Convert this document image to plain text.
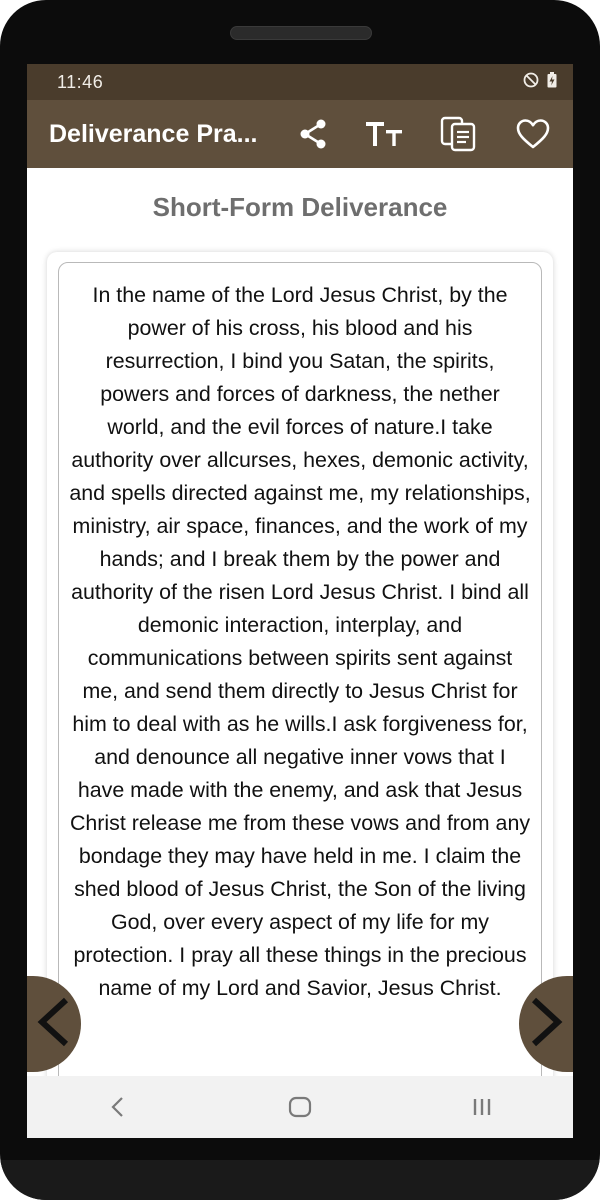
11:46
Deliverance Pra...
Short-Form Deliverance

In the name of the Lord Jesus Christ, by the power of his cross, his blood and his resurrection, I bind you Satan, the spirits, powers and forces of darkness, the nether world, and the evil forces of nature.I take authority over allcurses, hexes, demonic activity, and spells directed against me, my relationships, ministry, air space, finances, and the work of my hands; and I break them by the power and authority of the risen Lord Jesus Christ. I bind all demonic interaction, interplay, and communications between spirits sent against me, and send them directly to Jesus Christ for him to deal with as he wills.I ask forgiveness for, and denounce all negative inner vows that I have made with the enemy, and ask that Jesus Christ release me from these vows and from any bondage they may have held in me. I claim the shed blood of Jesus Christ, the Son of the living God, over every aspect of my life for my protection. I pray all these things in the precious name of my Lord and Savior, Jesus Christ.
